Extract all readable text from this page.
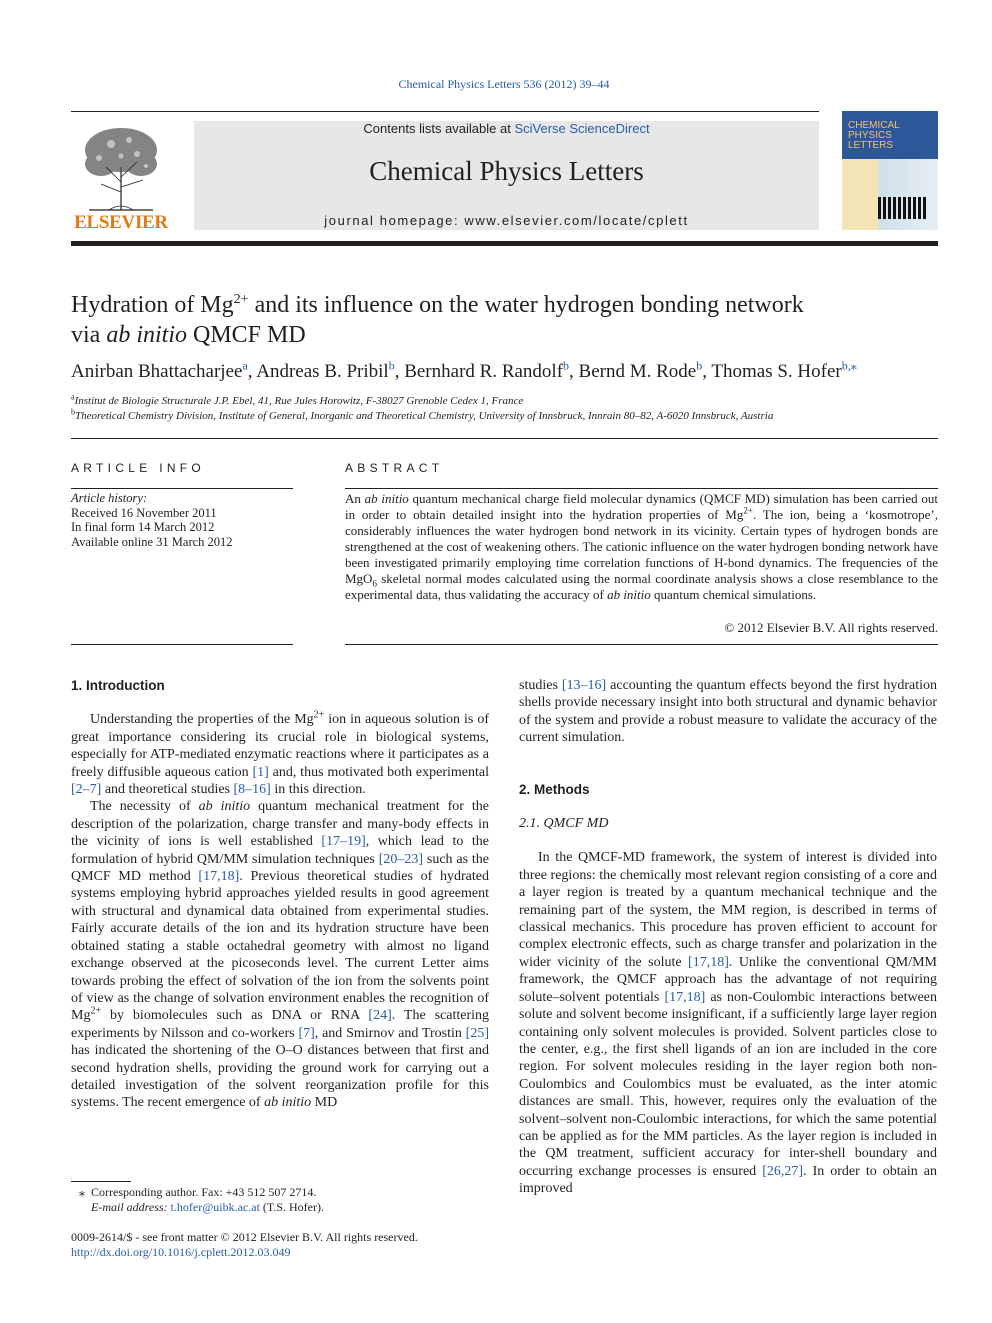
Chemical Physics Letters 536 (2012) 39–44
ELSEVIER
Contents lists available at SciVerse ScienceDirect
Chemical Physics Letters
journal homepage: www.elsevier.com/locate/cplett
CHEMICAL
PHYSICS
LETTERS
Hydration of $Mg^{2+}$ and its influence on the water hydrogen bonding network
via ab initio QMCF MD
Anirban Bhattacharjee$^a$, Andreas B. Pribil$^b$, Bernhard R. Randolf$^b$, Bernd M. Rode$^b$, Thomas S. Hofer$^{b,⁎}$
$^a$Institut de Biologie Structurale J.P. Ebel, 41, Rue Jules Horowitz, F-38027 Grenoble Cedex 1, France
$^b$Theoretical Chemistry Division, Institute of General, Inorganic and Theoretical Chemistry, University of Innsbruck, Innrain 80–82, A-6020 Innsbruck, Austria
ARTICLE INFO
Article history:
Received 16 November 2011
In final form 14 March 2012
Available online 31 March 2012
ABSTRACT
An ab initio quantum mechanical charge field molecular dynamics (QMCF MD) simulation has been carried out in order to obtain detailed insight into the hydration properties of $Mg^{2+}$. The ion, being a ‘kosmotrope’, considerably influences the water hydrogen bond network in its vicinity. Certain types of hydrogen bonds are strengthened at the cost of weakening others. The cationic influence on the water hydrogen bonding network have been investigated primarily employing time correlation functions of H-bond dynamics. The frequencies of the MgO$_6$ skeletal normal modes calculated using the normal coordinate analysis shows a close resemblance to the experimental data, thus validating the accuracy of ab initio quantum chemical simulations.
© 2012 Elsevier B.V. All rights reserved.
1. Introduction

Understanding the properties of the $Mg^{2+}$ ion in aqueous solution is of great importance considering its crucial role in biological systems, especially for ATP-mediated enzymatic reactions where it participates as a freely diffusible aqueous cation [1] and, thus motivated both experimental [2–7] and theoretical studies [8–16] in this direction.

The necessity of ab initio quantum mechanical treatment for the description of the polarization, charge transfer and many-body effects in the vicinity of ions is well established [17–19], which lead to the formulation of hybrid QM/MM simulation techniques [20–23] such as the QMCF MD method [17,18]. Previous theoretical studies of hydrated systems employing hybrid approaches yielded results in good agreement with structural and dynamical data obtained from experimental studies. Fairly accurate details of the ion and its hydration structure have been obtained stating a stable octahedral geometry with almost no ligand exchange observed at the picoseconds level. The current Letter aims towards probing the effect of solvation of the ion from the solvents point of view as the change of solvation environment enables the recognition of $Mg^{2+}$ by biomolecules such as DNA or RNA [24]. The scattering experiments by Nilsson and co-workers [7], and Smirnov and Trostin [25] has indicated the shortening of the O–O distances between that first and second hydration shells, providing the ground work for carrying out a detailed investigation of the solvent reorganization profile for this systems. The recent emergence of ab initio MD

studies [13–16] accounting the quantum effects beyond the first hydration shells provide necessary insight into both structural and dynamic behavior of the system and provide a robust measure to validate the accuracy of the current simulation.

2. Methods
2.1. QMCF MD

In the QMCF-MD framework, the system of interest is divided into three regions: the chemically most relevant region consisting of a core and a layer region is treated by a quantum mechanical technique and the remaining part of the system, the MM region, is described in terms of classical mechanics. This procedure has proven efficient to account for complex electronic effects, such as charge transfer and polarization in the wider vicinity of the solute [17,18]. Unlike the conventional QM/MM framework, the QMCF approach has the advantage of not requiring solute–solvent potentials [17,18] as non-Coulombic interactions between solute and solvent become insignificant, if a sufficiently large layer region containing only solvent molecules is provided. Solvent particles close to the center, e.g., the first shell ligands of an ion are included in the core region. For solvent molecules residing in the layer region both non-Coulombics and Coulombics must be evaluated, as the inter atomic distances are small. This, however, requires only the evaluation of the solvent–solvent non-Coulombic interactions, for which the same potential can be applied as for the MM particles. As the layer region is included in the QM treatment, sufficient accuracy for inter-shell boundary and occurring exchange processes is ensured [26,27]. In order to obtain an improved

⁎ Corresponding author. Fax: +43 512 507 2714.
E-mail address: t.hofer@uibk.ac.at (T.S. Hofer).
0009-2614/$ - see front matter © 2012 Elsevier B.V. All rights reserved.
http://dx.doi.org/10.1016/j.cplett.2012.03.049
